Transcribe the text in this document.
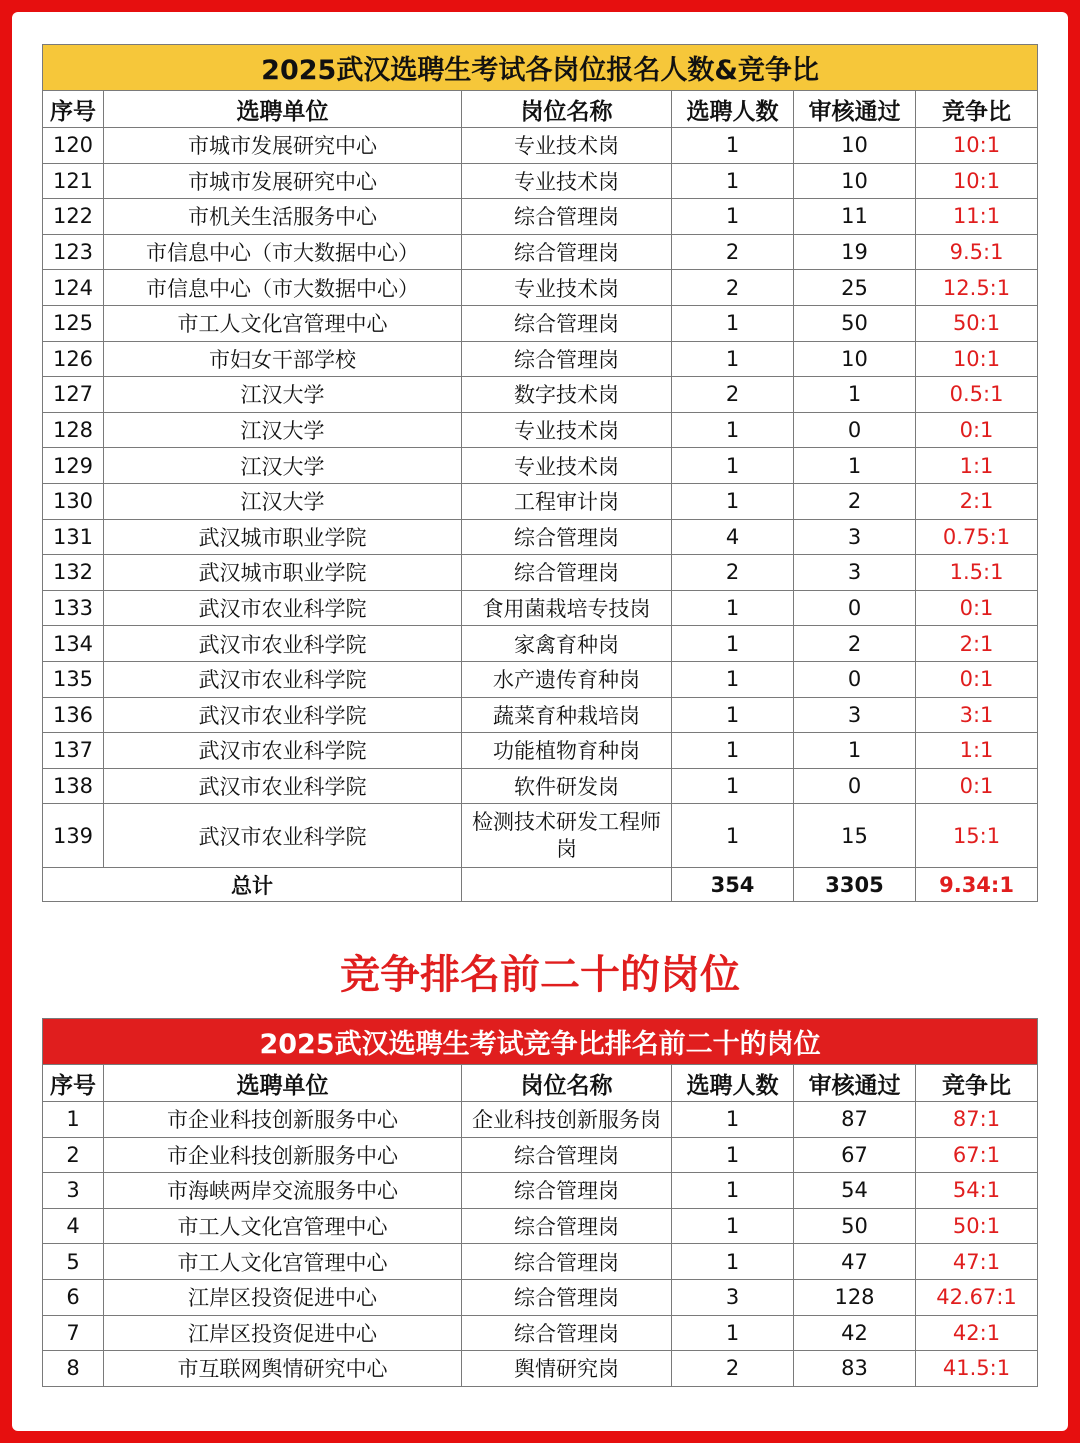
2025武汉选聘生考试各岗位报名人数&竞争比					
序号	选聘单位	岗位名称	选聘人数	审核通过	竞争比
120	市城市发展研究中心	专业技术岗	1	10	10:1
121	市城市发展研究中心	专业技术岗	1	10	10:1
122	市机关生活服务中心	综合管理岗	1	11	11:1
123	市信息中心（市大数据中心）	综合管理岗	2	19	9.5:1
124	市信息中心（市大数据中心）	专业技术岗	2	25	12.5:1
125	市工人文化宫管理中心	综合管理岗	1	50	50:1
126	市妇女干部学校	综合管理岗	1	10	10:1
127	江汉大学	数字技术岗	2	1	0.5:1
128	江汉大学	专业技术岗	1	0	0:1
129	江汉大学	专业技术岗	1	1	1:1
130	江汉大学	工程审计岗	1	2	2:1
131	武汉城市职业学院	综合管理岗	4	3	0.75:1
132	武汉城市职业学院	综合管理岗	2	3	1.5:1
133	武汉市农业科学院	食用菌栽培专技岗	1	0	0:1
134	武汉市农业科学院	家禽育种岗	1	2	2:1
135	武汉市农业科学院	水产遗传育种岗	1	0	0:1
136	武汉市农业科学院	蔬菜育种栽培岗	1	3	3:1
137	武汉市农业科学院	功能植物育种岗	1	1	1:1
138	武汉市农业科学院	软件研发岗	1	0	0:1
139	武汉市农业科学院	检测技术研发工程师岗	1	15	15:1
总计			354	3305	9.34:1
竞争排名前二十的岗位
2025武汉选聘生考试竞争比排名前二十的岗位					
序号	选聘单位	岗位名称	选聘人数	审核通过	竞争比
1	市企业科技创新服务中心	企业科技创新服务岗	1	87	87:1
2	市企业科技创新服务中心	综合管理岗	1	67	67:1
3	市海峡两岸交流服务中心	综合管理岗	1	54	54:1
4	市工人文化宫管理中心	综合管理岗	1	50	50:1
5	市工人文化宫管理中心	综合管理岗	1	47	47:1
6	江岸区投资促进中心	综合管理岗	3	128	42.67:1
7	江岸区投资促进中心	综合管理岗	1	42	42:1
8	市互联网舆情研究中心	舆情研究岗	2	83	41.5:1
